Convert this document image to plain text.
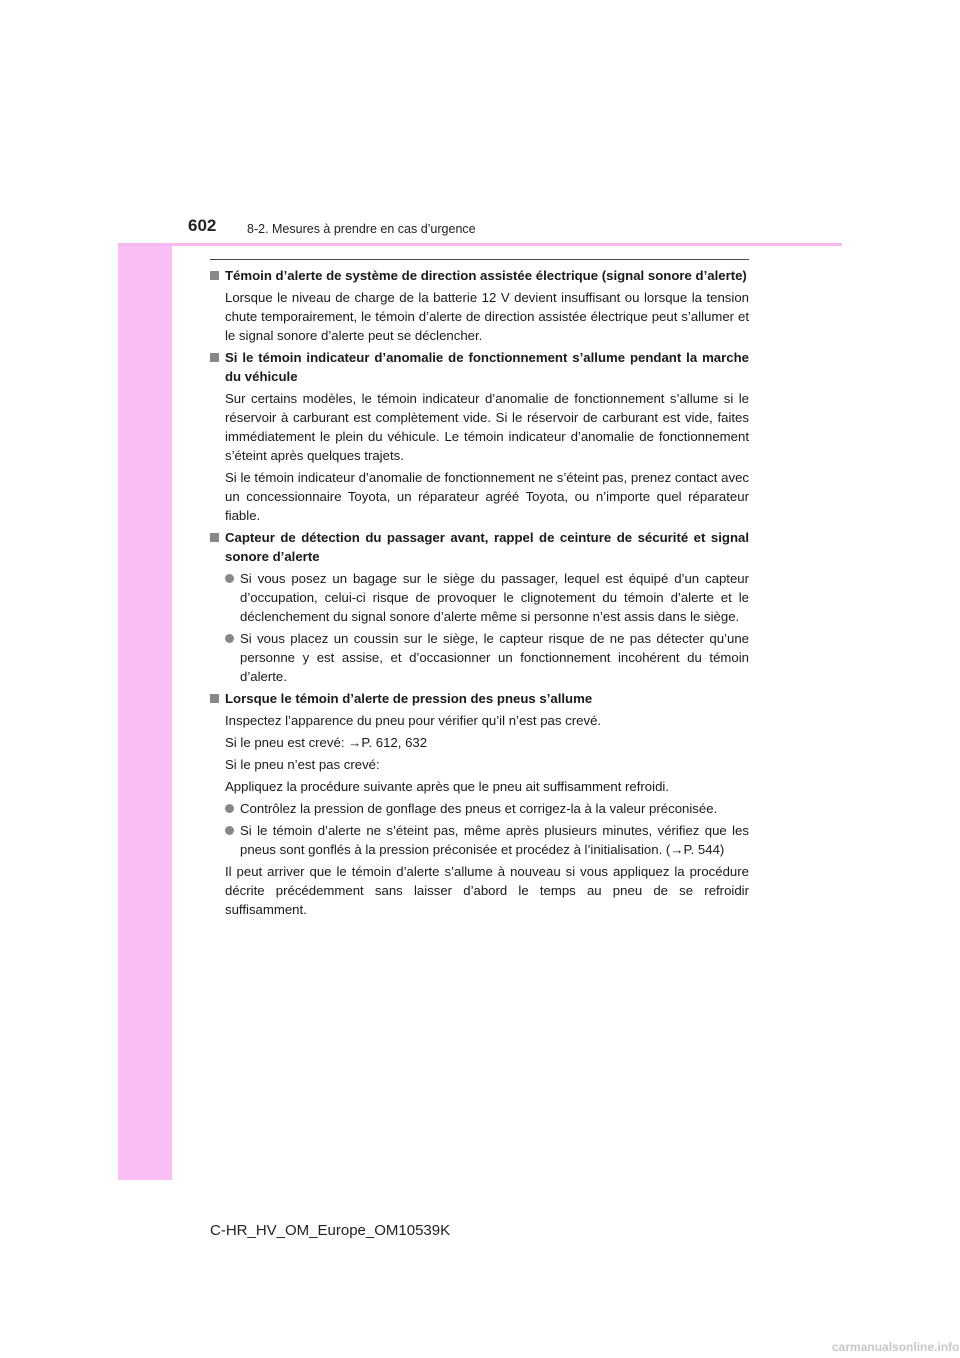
602 8-2. Mesures à prendre en cas d’urgence
Témoin d’alerte de système de direction assistée électrique (signal sonore d’alerte)
Lorsque le niveau de charge de la batterie 12 V devient insuffisant ou lorsque la tension chute temporairement, le témoin d’alerte de direction assistée électrique peut s’allumer et le signal sonore d’alerte peut se déclencher.
Si le témoin indicateur d’anomalie de fonctionnement s’allume pendant la marche du véhicule
Sur certains modèles, le témoin indicateur d’anomalie de fonctionnement s’allume si le réservoir à carburant est complètement vide. Si le réservoir de carburant est vide, faites immédiatement le plein du véhicule. Le témoin indicateur d’anomalie de fonctionnement s’éteint après quelques trajets.
Si le témoin indicateur d’anomalie de fonctionnement ne s’éteint pas, prenez contact avec un concessionnaire Toyota, un réparateur agréé Toyota, ou n’importe quel réparateur fiable.
Capteur de détection du passager avant, rappel de ceinture de sécurité et signal sonore d’alerte
Si vous posez un bagage sur le siège du passager, lequel est équipé d’un capteur d’occupation, celui-ci risque de provoquer le clignotement du témoin d’alerte et le déclenchement du signal sonore d’alerte même si personne n’est assis dans le siège.
Si vous placez un coussin sur le siège, le capteur risque de ne pas détecter qu’une personne y est assise, et d’occasionner un fonctionnement incohérent du témoin d’alerte.
Lorsque le témoin d’alerte de pression des pneus s’allume
Inspectez l’apparence du pneu pour vérifier qu’il n’est pas crevé.
Si le pneu est crevé: →P. 612, 632
Si le pneu n’est pas crevé:
Appliquez la procédure suivante après que le pneu ait suffisamment refroidi.
Contrôlez la pression de gonflage des pneus et corrigez-la à la valeur préconisée.
Si le témoin d’alerte ne s’éteint pas, même après plusieurs minutes, vérifiez que les pneus sont gonflés à la pression préconisée et procédez à l’initialisation. (→P. 544)
Il peut arriver que le témoin d’alerte s’allume à nouveau si vous appliquez la procédure décrite précédemment sans laisser d’abord le temps au pneu de se refroidir suffisamment.
C-HR_HV_OM_Europe_OM10539K
carmanualsonline.info
